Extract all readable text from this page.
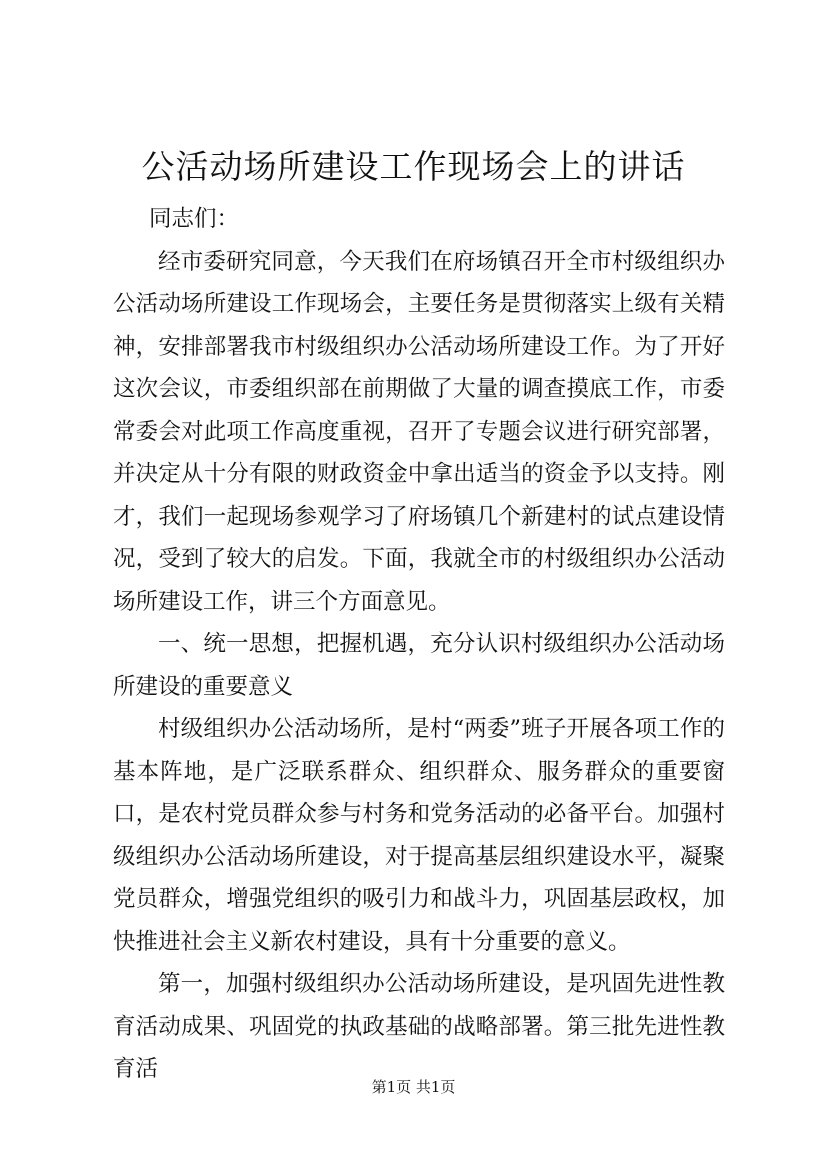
公活动场所建设工作现场会上的讲话

同志们：

经市委研究同意，今天我们在府场镇召开全市村级组织办公活动场所建设工作现场会，主要任务是贯彻落实上级有关精神，安排部署我市村级组织办公活动场所建设工作。为了开好这次会议，市委组织部在前期做了大量的调查摸底工作，市委常委会对此项工作高度重视，召开了专题会议进行研究部署，并决定从十分有限的财政资金中拿出适当的资金予以支持。刚才，我们一起现场参观学习了府场镇几个新建村的试点建设情况，受到了较大的启发。下面，我就全市的村级组织办公活动场所建设工作，讲三个方面意见。

一、统一思想，把握机遇，充分认识村级组织办公活动场所建设的重要意义

村级组织办公活动场所，是村“两委”班子开展各项工作的基本阵地，是广泛联系群众、组织群众、服务群众的重要窗口，是农村党员群众参与村务和党务活动的必备平台。加强村级组织办公活动场所建设，对于提高基层组织建设水平，凝聚党员群众，增强党组织的吸引力和战斗力，巩固基层政权，加快推进社会主义新农村建设，具有十分重要的意义。

第一，加强村级组织办公活动场所建设，是巩固先进性教育活动成果、巩固党的执政基础的战略部署。第三批先进性教育活

第1页 共1页
